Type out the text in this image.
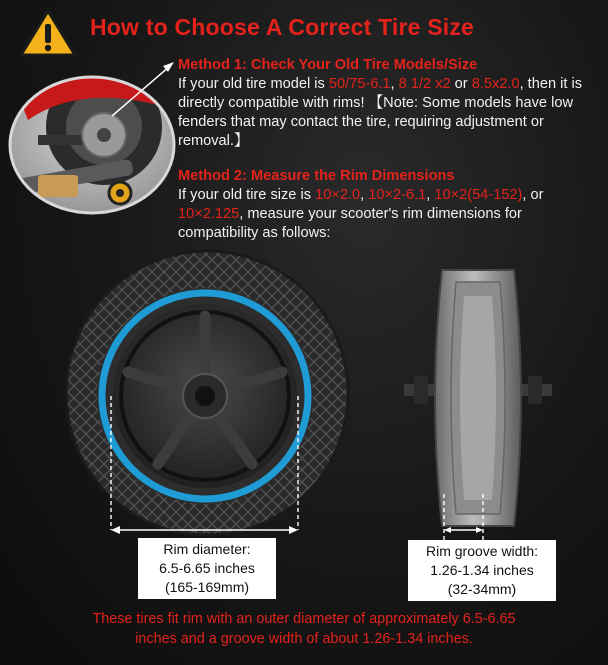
How to Choose A Correct Tire Size
Method 1: Check Your Old Tire Models/Size
If your old tire model is 50/75-6.1, 8 1/2 x2 or 8.5x2.0, then it is directly compatible with rims! 【Note: Some models have low fenders that may contact the tire, requiring adjustment or removal.】
Method 2: Measure the Rim Dimensions
If your old tire size is 10×2.0, 10×2-6.1, 10×2(54-152), or 10×2.125, measure your scooter's rim dimensions for compatibility as follows:
Rim diameter:
6.5-6.65 inches
(165-169mm)
Rim groove width:
1.26-1.34 inches
(32-34mm)
These tires fit rim with an outer diameter of approximately 6.5-6.65
inches and a groove width of about 1.26-1.34 inches.
